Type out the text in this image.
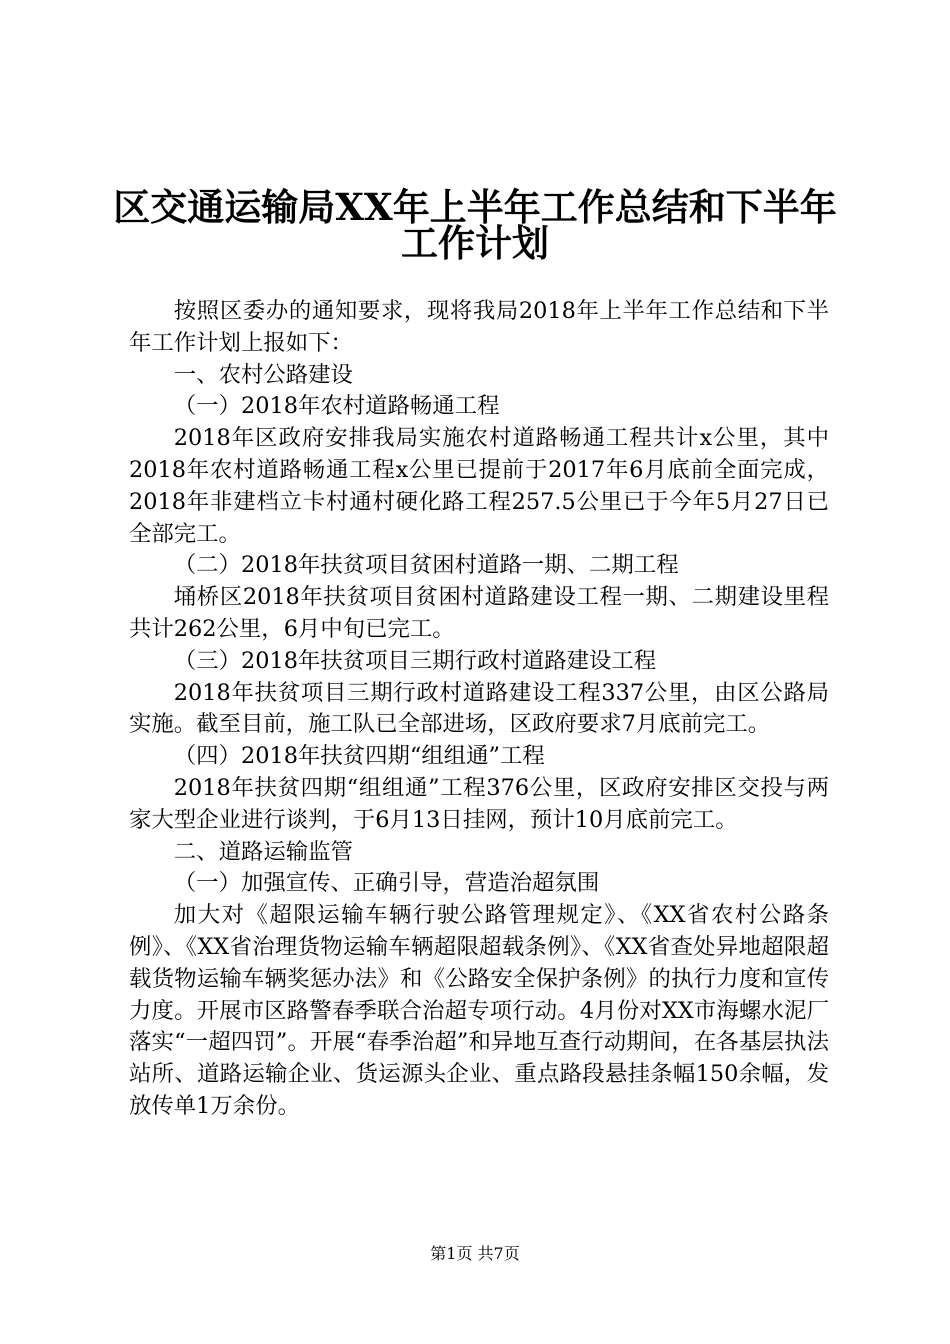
区交通运输局XX年上半年工作总结和下半年
工作计划

按照区委办的通知要求，现将我局2018年上半年工作总结和下半年工作计划上报如下：

一、农村公路建设

（一）2018年农村道路畅通工程

2018年区政府安排我局实施农村道路畅通工程共计x公里，其中2018年农村道路畅通工程x公里已提前于2017年6月底前全面完成，2018年非建档立卡村通村硬化路工程257.5公里已于今年5月27日已全部完工。

（二）2018年扶贫项目贫困村道路一期、二期工程

埇桥区2018年扶贫项目贫困村道路建设工程一期、二期建设里程共计262公里，6月中旬已完工。

（三）2018年扶贫项目三期行政村道路建设工程

2018年扶贫项目三期行政村道路建设工程337公里，由区公路局实施。截至目前，施工队已全部进场，区政府要求7月底前完工。

（四）2018年扶贫四期“组组通”工程

2018年扶贫四期“组组通”工程376公里，区政府安排区交投与两家大型企业进行谈判，于6月13日挂网，预计10月底前完工。

二、道路运输监管

（一）加强宣传、正确引导，营造治超氛围

加大对《超限运输车辆行驶公路管理规定》、《XX省农村公路条例》、《XX省治理货物运输车辆超限超载条例》、《XX省查处异地超限超载货物运输车辆奖惩办法》和《公路安全保护条例》的执行力度和宣传力度。开展市区路警春季联合治超专项行动。4月份对XX市海螺水泥厂落实“一超四罚”。开展“春季治超”和异地互查行动期间，在各基层执法站所、道路运输企业、货运源头企业、重点路段悬挂条幅150余幅，发放传单1万余份。

第1页 共7页
